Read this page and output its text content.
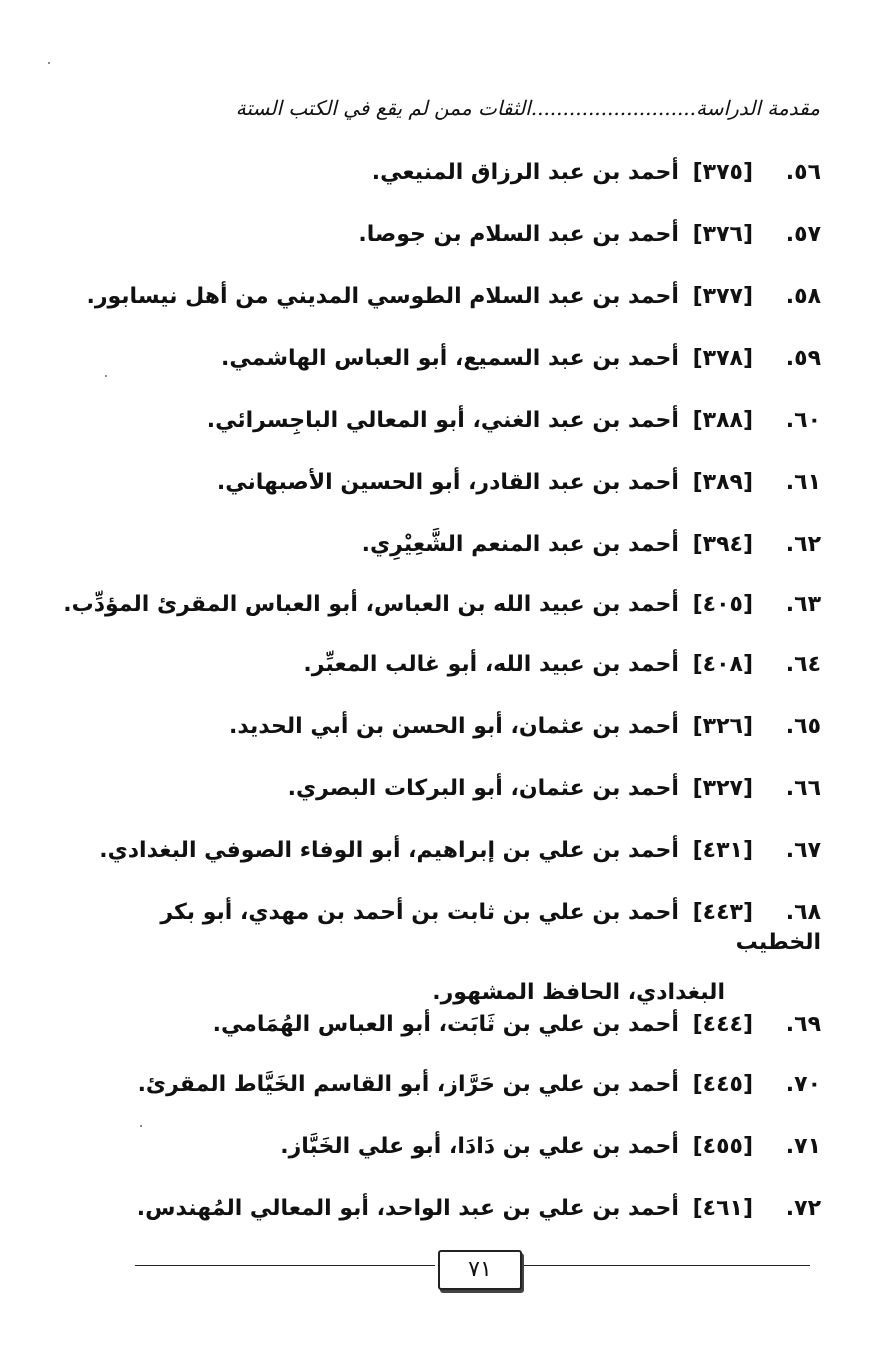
مقدمة الدراسة..........................الثقات ممن لم يقع في الكتب الستة
٥٦.[٣٧٥] أحمد بن عبد الرزاق المنيعي.
٥٧.[٣٧٦] أحمد بن عبد السلام بن جوصا.
٥٨.[٣٧٧] أحمد بن عبد السلام الطوسي المديني من أهل نيسابور.
٥٩.[٣٧٨] أحمد بن عبد السميع، أبو العباس الهاشمي.
٦٠.[٣٨٨] أحمد بن عبد الغني، أبو المعالي الباجِسرائي.
٦١.[٣٨٩] أحمد بن عبد القادر، أبو الحسين الأصبهاني.
٦٢.[٣٩٤] أحمد بن عبد المنعم الشَّعِيْرِي.
٦٣.[٤٠٥] أحمد بن عبيد الله بن العباس، أبو العباس المقرئ المؤدِّب.
٦٤.[٤٠٨] أحمد بن عبيد الله، أبو غالب المعبِّر.
٦٥.[٣٢٦] أحمد بن عثمان، أبو الحسن بن أبي الحديد.
٦٦.[٣٢٧] أحمد بن عثمان، أبو البركات البصري.
٦٧.[٤٣١] أحمد بن علي بن إبراهيم، أبو الوفاء الصوفي البغدادي.
٦٨.[٤٤٣] أحمد بن علي بن ثابت بن أحمد بن مهدي، أبو بكر الخطيب
البغدادي، الحافظ المشهور.
٦٩.[٤٤٤] أحمد بن علي بن ثَابَت، أبو العباس الهُمَامي.
٧٠.[٤٤٥] أحمد بن علي بن حَرَّاز، أبو القاسم الخَيَّاط المقرئ.
٧١.[٤٥٥] أحمد بن علي بن دَادَا، أبو علي الخَبَّاز.
٧٢.[٤٦١] أحمد بن علي بن عبد الواحد، أبو المعالي المُهندس.
٧١
